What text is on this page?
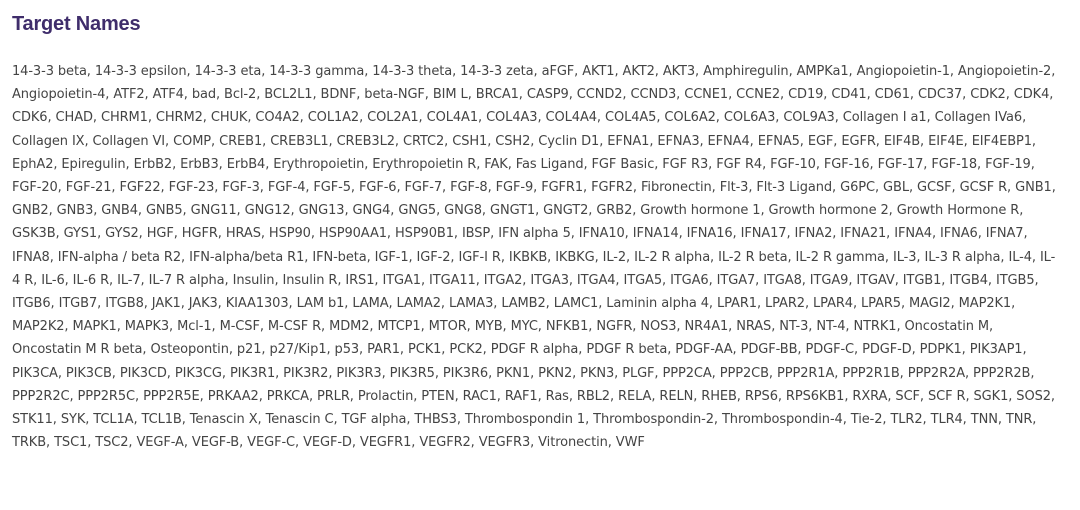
Target Names

14-3-3 beta, 14-3-3 epsilon, 14-3-3 eta, 14-3-3 gamma, 14-3-3 theta, 14-3-3 zeta, aFGF, AKT1, AKT2, AKT3, Amphiregulin, AMPKa1, Angiopoietin-1, Angiopoietin-2, Angiopoietin-4, ATF2, ATF4, bad, Bcl-2, BCL2L1, BDNF, beta-NGF, BIM L, BRCA1, CASP9, CCND2, CCND3, CCNE1, CCNE2, CD19, CD41, CD61, CDC37, CDK2, CDK4, CDK6, CHAD, CHRM1, CHRM2, CHUK, CO4A2, COL1A2, COL2A1, COL4A1, COL4A3, COL4A4, COL4A5, COL6A2, COL6A3, COL9A3, Collagen I a1, Collagen IVa6, Collagen IX, Collagen VI, COMP, CREB1, CREB3L1, CREB3L2, CRTC2, CSH1, CSH2, Cyclin D1, EFNA1, EFNA3, EFNA4, EFNA5, EGF, EGFR, EIF4B, EIF4E, EIF4EBP1, EphA2, Epiregulin, ErbB2, ErbB3, ErbB4, Erythropoietin, Erythropoietin R, FAK, Fas Ligand, FGF Basic, FGF R3, FGF R4, FGF-10, FGF-16, FGF-17, FGF-18, FGF-19, FGF-20, FGF-21, FGF22, FGF-23, FGF-3, FGF-4, FGF-5, FGF-6, FGF-7, FGF-8, FGF-9, FGFR1, FGFR2, Fibronectin, Flt-3, Flt-3 Ligand, G6PC, GBL, GCSF, GCSF R, GNB1, GNB2, GNB3, GNB4, GNB5, GNG11, GNG12, GNG13, GNG4, GNG5, GNG8, GNGT1, GNGT2, GRB2, Growth hormone 1, Growth hormone 2, Growth Hormone R, GSK3B, GYS1, GYS2, HGF, HGFR, HRAS, HSP90, HSP90AA1, HSP90B1, IBSP, IFN alpha 5, IFNA10, IFNA14, IFNA16, IFNA17, IFNA2, IFNA21, IFNA4, IFNA6, IFNA7, IFNA8, IFN-alpha / beta R2, IFN-alpha/beta R1, IFN-beta, IGF-1, IGF-2, IGF-I R, IKBKB, IKBKG, IL-2, IL-2 R alpha, IL-2 R beta, IL-2 R gamma, IL-3, IL-3 R alpha, IL-4, IL-4 R, IL-6, IL-6 R, IL-7, IL-7 R alpha, Insulin, Insulin R, IRS1, ITGA1, ITGA11, ITGA2, ITGA3, ITGA4, ITGA5, ITGA6, ITGA7, ITGA8, ITGA9, ITGAV, ITGB1, ITGB4, ITGB5, ITGB6, ITGB7, ITGB8, JAK1, JAK3, KIAA1303, LAM b1, LAMA, LAMA2, LAMA3, LAMB2, LAMC1, Laminin alpha 4, LPAR1, LPAR2, LPAR4, LPAR5, MAGI2, MAP2K1, MAP2K2, MAPK1, MAPK3, Mcl-1, M-CSF, M-CSF R, MDM2, MTCP1, MTOR, MYB, MYC, NFKB1, NGFR, NOS3, NR4A1, NRAS, NT-3, NT-4, NTRK1, Oncostatin M, Oncostatin M R beta, Osteopontin, p21, p27/Kip1, p53, PAR1, PCK1, PCK2, PDGF R alpha, PDGF R beta, PDGF-AA, PDGF-BB, PDGF-C, PDGF-D, PDPK1, PIK3AP1, PIK3CA, PIK3CB, PIK3CD, PIK3CG, PIK3R1, PIK3R2, PIK3R3, PIK3R5, PIK3R6, PKN1, PKN2, PKN3, PLGF, PPP2CA, PPP2CB, PPP2R1A, PPP2R1B, PPP2R2A, PPP2R2B, PPP2R2C, PPP2R5C, PPP2R5E, PRKAA2, PRKCA, PRLR, Prolactin, PTEN, RAC1, RAF1, Ras, RBL2, RELA, RELN, RHEB, RPS6, RPS6KB1, RXRA, SCF, SCF R, SGK1, SOS2, STK11, SYK, TCL1A, TCL1B, Tenascin X, Tenascin C, TGF alpha, THBS3, Thrombospondin 1, Thrombospondin-2, Thrombospondin-4, Tie-2, TLR2, TLR4, TNN, TNR, TRKB, TSC1, TSC2, VEGF-A, VEGF-B, VEGF-C, VEGF-D, VEGFR1, VEGFR2, VEGFR3, Vitronectin, VWF
